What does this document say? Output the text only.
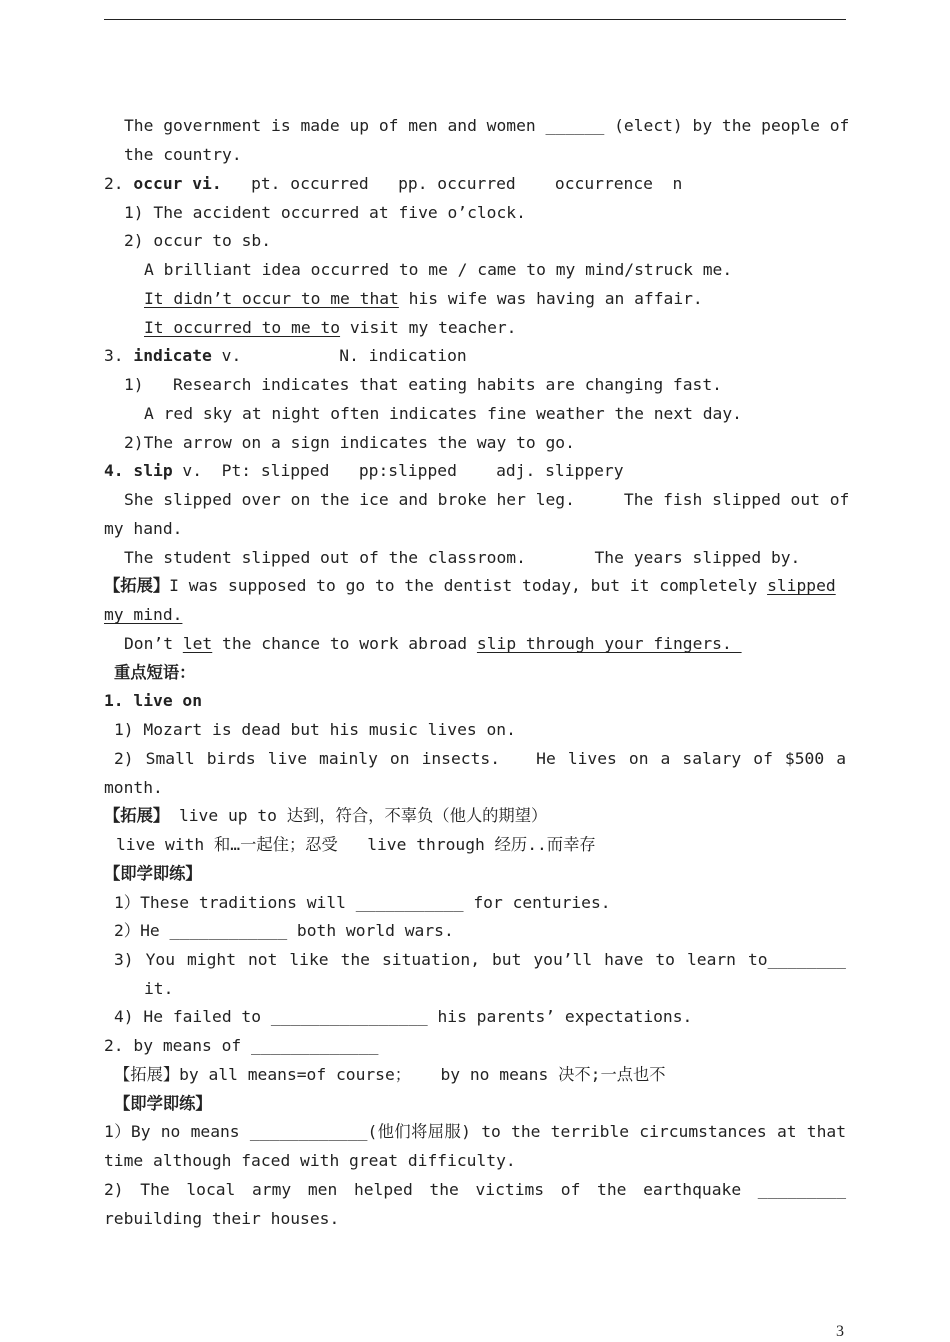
The government is made up of men and women ______ (elect) by the people of
the country.
2. occur vi.   pt. occurred   pp. occurred    occurrence  n
1) The accident occurred at five o’clock.
2) occur to sb.
A brilliant idea occurred to me / came to my mind/struck me.
It didn’t occur to me that his wife was having an affair.
It occurred to me to visit my teacher.
3. indicate v.          N. indication
1)   Research indicates that eating habits are changing fast.
A red sky at night often indicates fine weather the next day.
2)The arrow on a sign indicates the way to go.
4. slip v.  Pt: slipped   pp:slipped    adj. slippery
She slipped over on the ice and broke her leg.     The fish slipped out of
my hand.
The student slipped out of the classroom.       The years slipped by.
【拓展】I was supposed to go to the dentist today, but it completely slipped
my mind.
Don’t let the chance to work abroad slip through your fingers.
重点短语：
1. live on
1) Mozart is dead but his music lives on.
2) Small birds live mainly on insects.   He lives on a salary of $500 a
month.
【拓展】 live up to 达到，符合，不辜负（他人的期望）
live with 和…一起住；忍受   live through 经历..而幸存
【即学即练】
1）These traditions will ___________ for centuries.
2）He ____________ both world wars.
3) You might not like the situation, but you’ll have to learn to________
it.
4) He failed to ________________ his parents’ expectations.
2. by means of _____________
【拓展】by all means=of course；   by no means 决不;一点也不
【即学即练】
1）By no means ____________(他们将屈服) to the terrible circumstances at that
time although faced with great difficulty.
2) The local army men helped the victims of the earthquake _________
rebuilding their houses.
3
